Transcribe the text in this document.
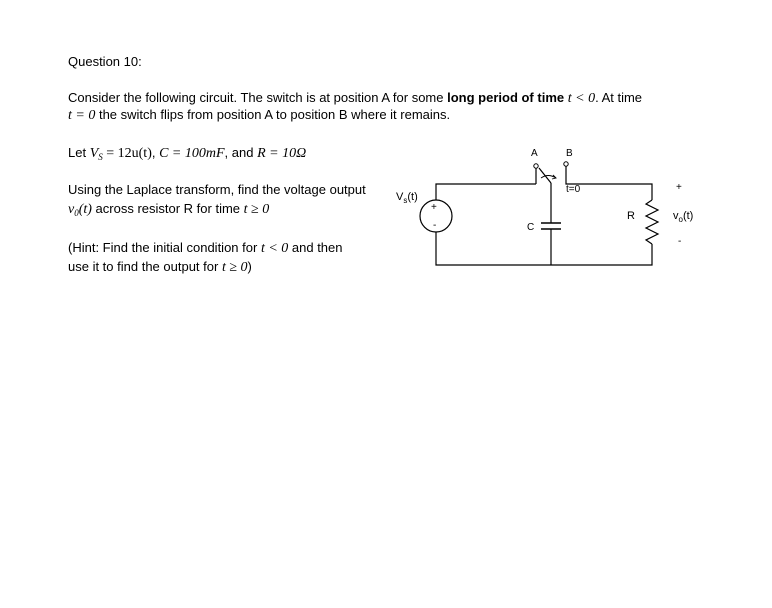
Question 10:
Consider the following circuit. The switch is at position A for some long period of time t < 0. At time
t = 0 the switch flips from position A to position B where it remains.
Let $V_S = 12u(t)$, C = 100mF, and R = 10Ω
Using the Laplace transform, find the voltage output
$v_0(t)$ across resistor R for time t ≥ 0
(Hint: Find the initial condition for t < 0 and then
use it to find the output for t ≥ 0)
+
-
$V_s(t)$
A	B
t=0
C
R
+
$v_o(t)$
-
